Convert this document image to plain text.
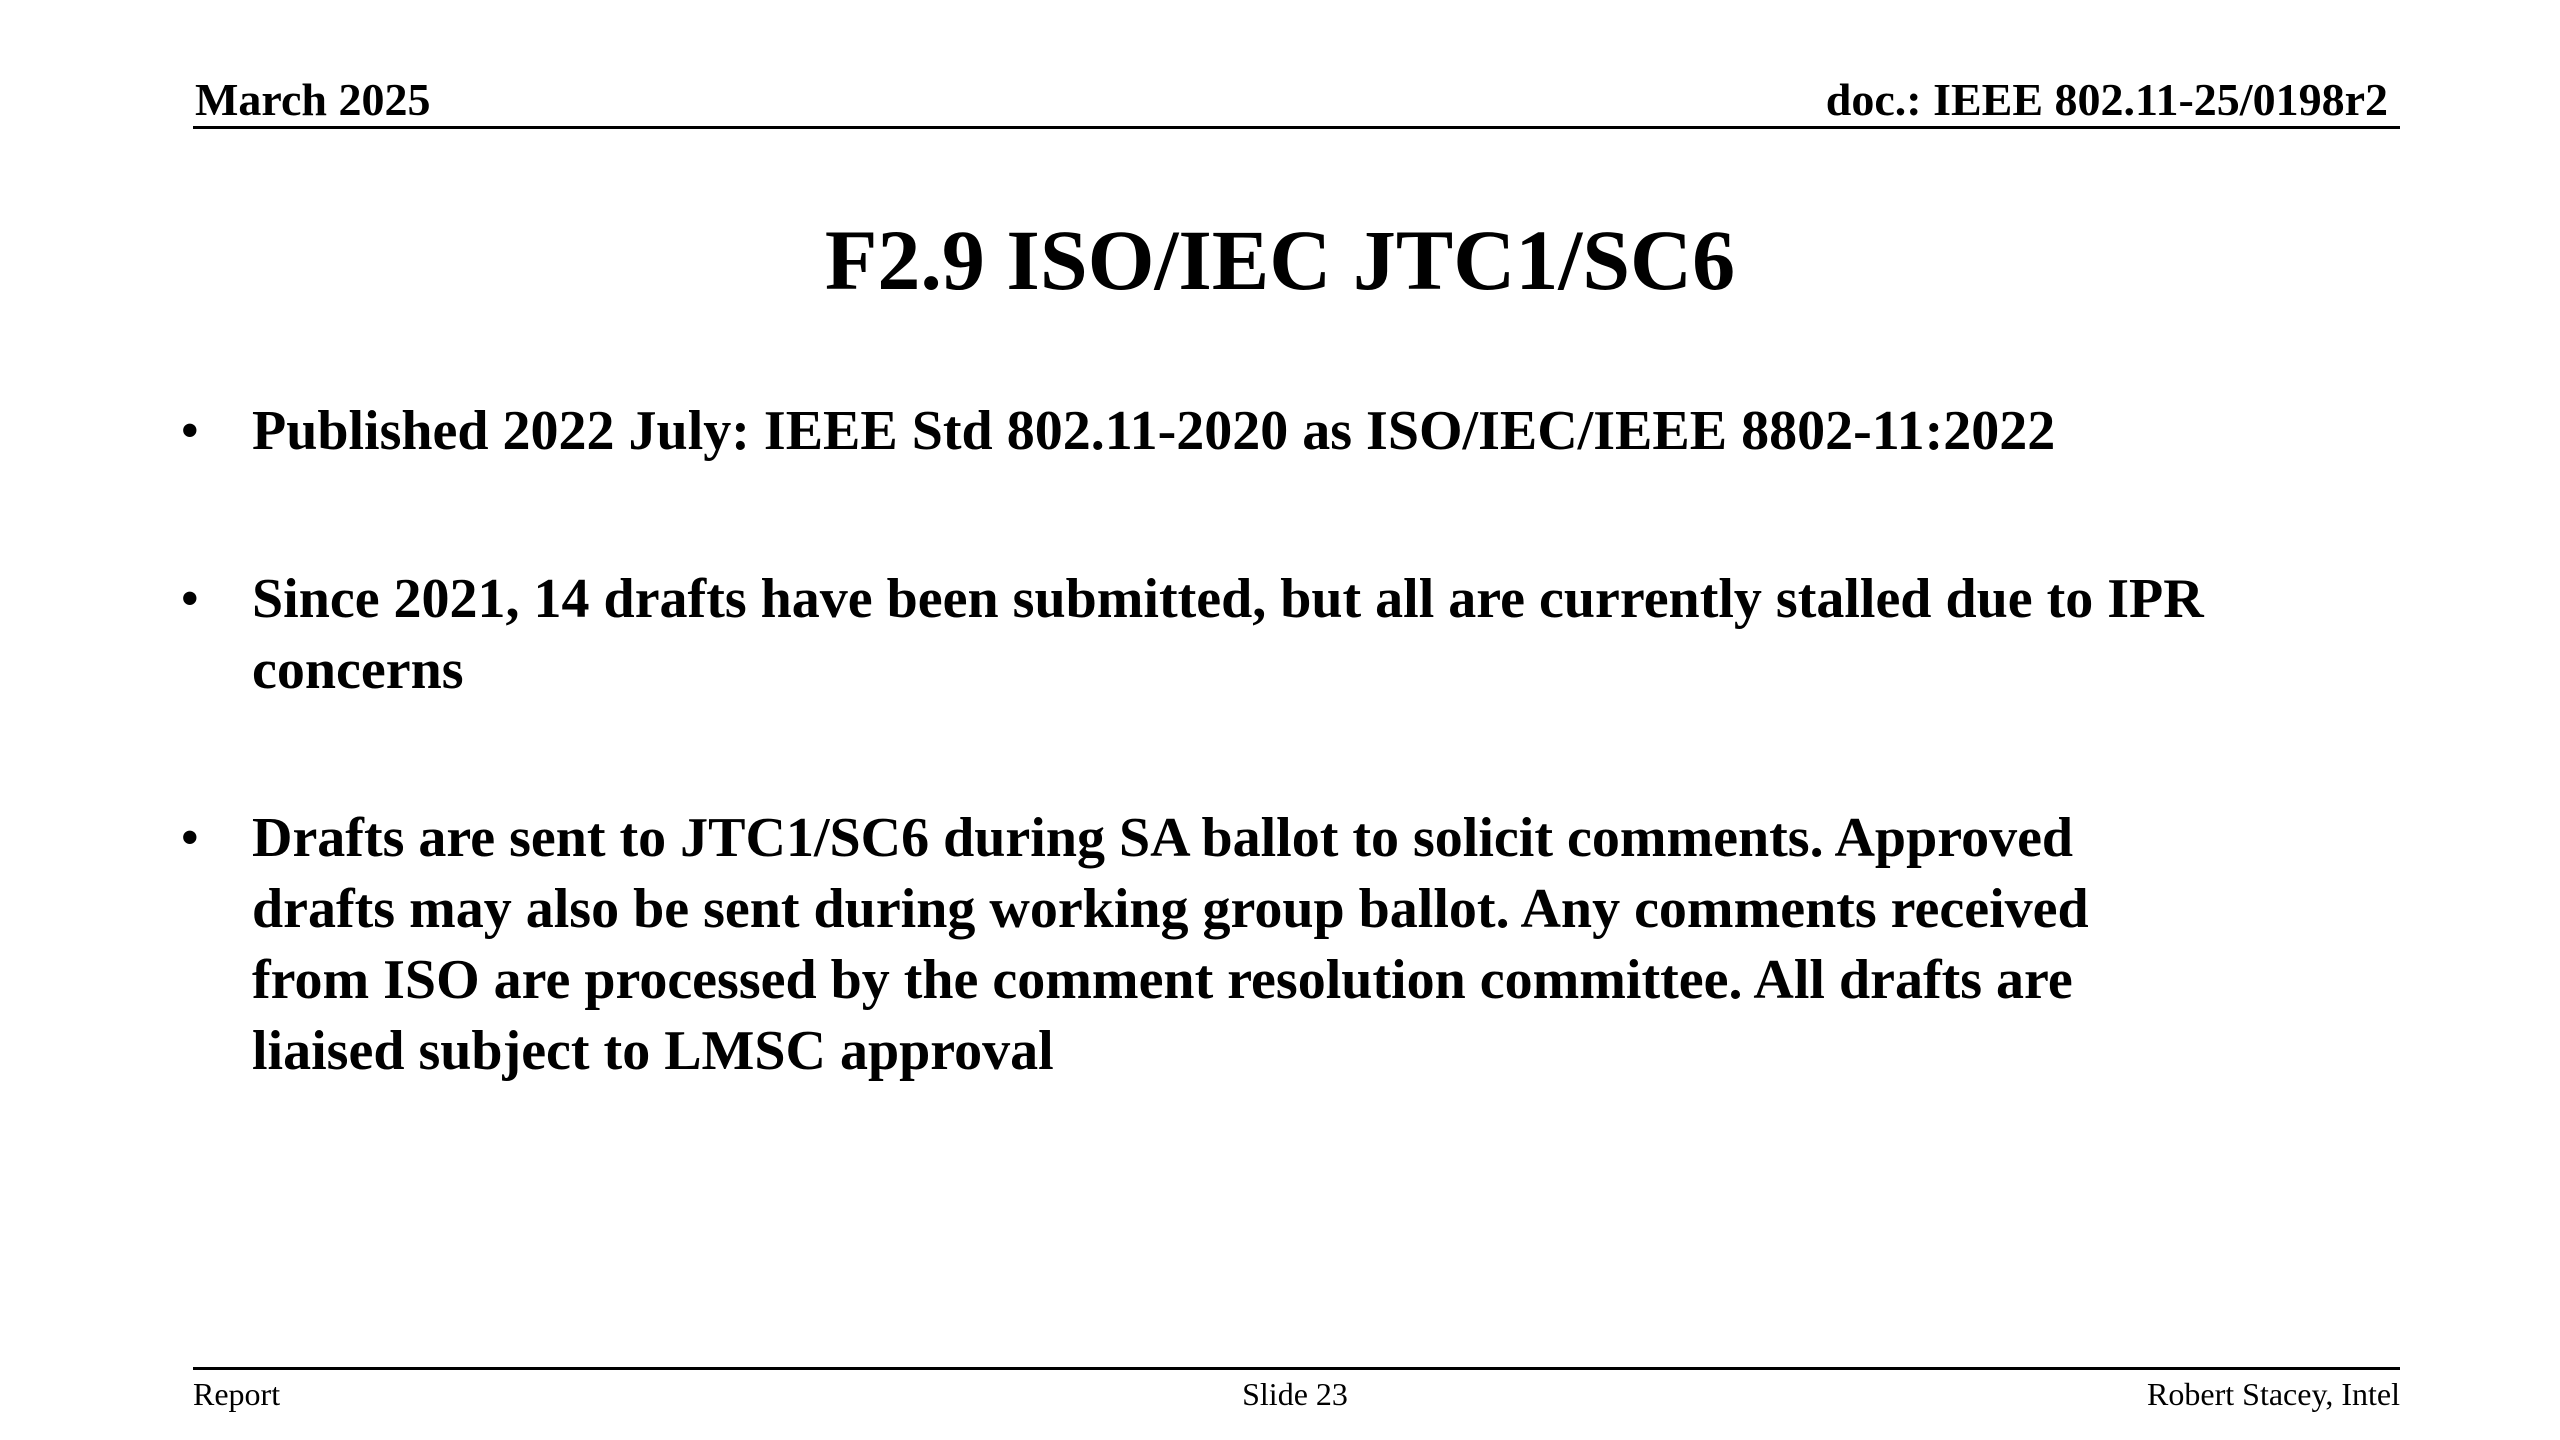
March 2025	doc.: IEEE 802.11-25/0198r2
F2.9 ISO/IEC JTC1/SC6
• Published 2022 July: IEEE Std 802.11-2020 as ISO/IEC/IEEE 8802-11:2022
• Since 2021, 14 drafts have been submitted, but all are currently stalled due to IPR concerns
• Drafts are sent to JTC1/SC6 during SA ballot to solicit comments. Approved
drafts may also be sent during working group ballot. Any comments received
from ISO are processed by the comment resolution committee. All drafts are
liaised subject to LMSC approval
Report	Slide 23	Robert Stacey, Intel
